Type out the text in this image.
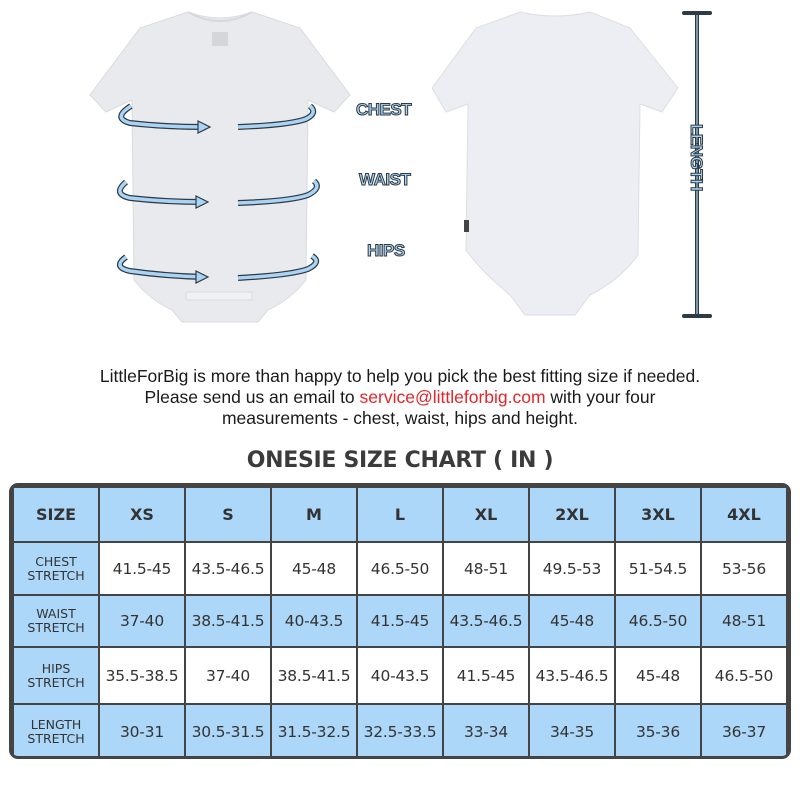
CHEST
WAIST
HIPS
LENGTH
LittleForBig is more than happy to help you pick the best fitting size if needed.
Please send us an email to service@littleforbig.com with your four
measurements - chest, waist, hips and height.
ONESIE SIZE CHART ( IN )
SIZE	XS	S	M	L	XL	2XL	3XL	4XL

CHEST
STRETCH	41.5-45	43.5-46.5	45-48	46.5-50	48-51	49.5-53	51-54.5	53-56

WAIST
STRETCH	37-40	38.5-41.5	40-43.5	41.5-45	43.5-46.5	45-48	46.5-50	48-51

HIPS
STRETCH	35.5-38.5	37-40	38.5-41.5	40-43.5	41.5-45	43.5-46.5	45-48	46.5-50

LENGTH
STRETCH	30-31	30.5-31.5	31.5-32.5	32.5-33.5	33-34	34-35	35-36	36-37
